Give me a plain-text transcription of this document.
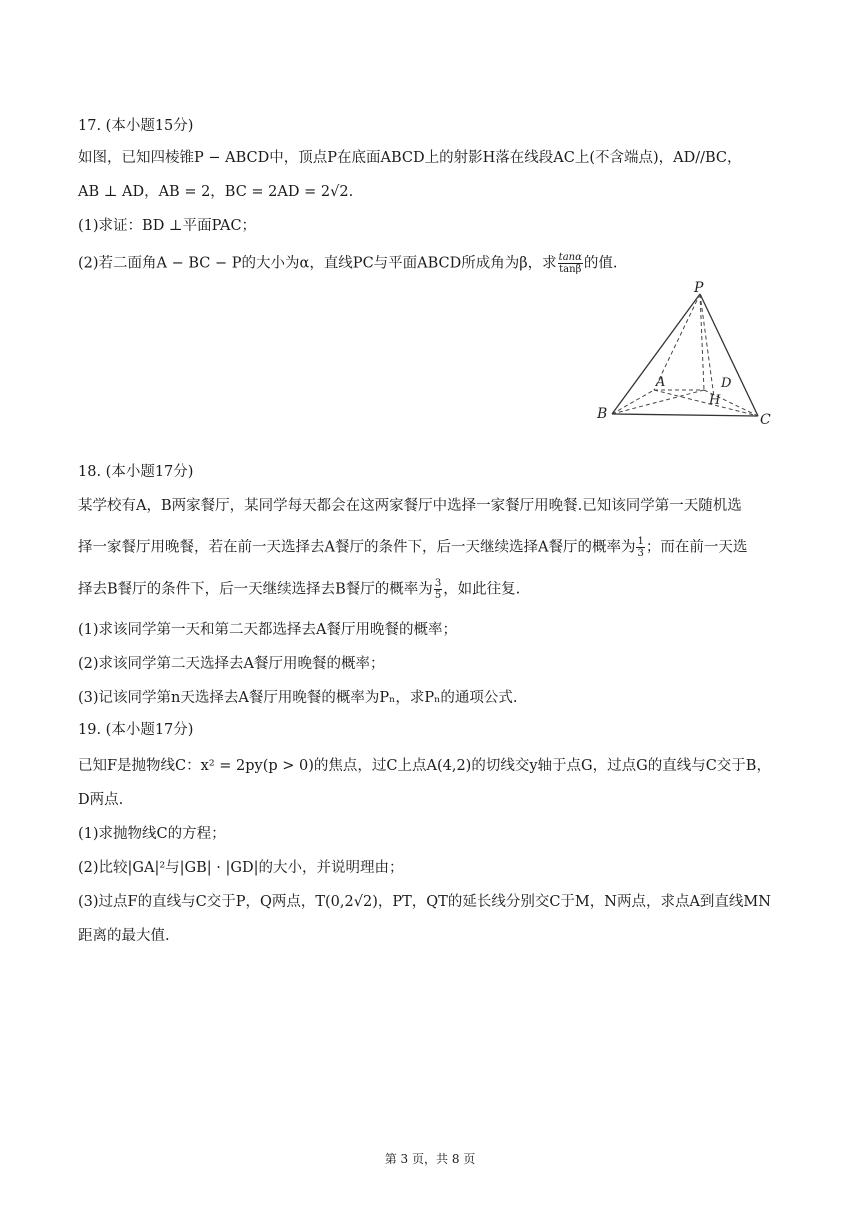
17. (本小题15分)
如图，已知四棱锥P − ABCD中，顶点P在底面ABCD上的射影H落在线段AC上(不含端点)，AD//BC，
AB ⊥ AD，AB = 2，BC = 2AD = 2√2.
(1)求证：BD ⊥平面PAC；
(2)若二面角A − BC − P的大小为α，直线PC与平面ABCD所成角为β，求 $\frac{\tan\alpha}{\tan\beta}$ 的值.
P
A	D
H
B	C
18. (本小题17分)
某学校有A，B两家餐厅，某同学每天都会在这两家餐厅中选择一家餐厅用晚餐.已知该同学第一天随机选
择一家餐厅用晚餐，若在前一天选择去A餐厅的条件下，后一天继续选择A餐厅的概率为 $\frac{1}{3}$ ；而在前一天选
择去B餐厅的条件下，后一天继续选择去B餐厅的概率为 $\frac{3}{5}$ ，如此往复.
(1)求该同学第一天和第二天都选择去A餐厅用晚餐的概率；
(2)求该同学第二天选择去A餐厅用晚餐的概率；
(3)记该同学第n天选择去A餐厅用晚餐的概率为Pₙ，求Pₙ的通项公式.
19. (本小题17分)
已知F是抛物线C：x² = 2py(p > 0)的焦点，过C上点A(4,2)的切线交y轴于点G，过点G的直线与C交于B，
D两点.
(1)求抛物线C的方程；
(2)比较|GA|²与|GB| · |GD|的大小，并说明理由；
(3)过点F的直线与C交于P，Q两点，T(0,2√2)，PT，QT的延长线分别交C于M，N两点，求点A到直线MN
距离的最大值.
第 3 页，共 8 页
